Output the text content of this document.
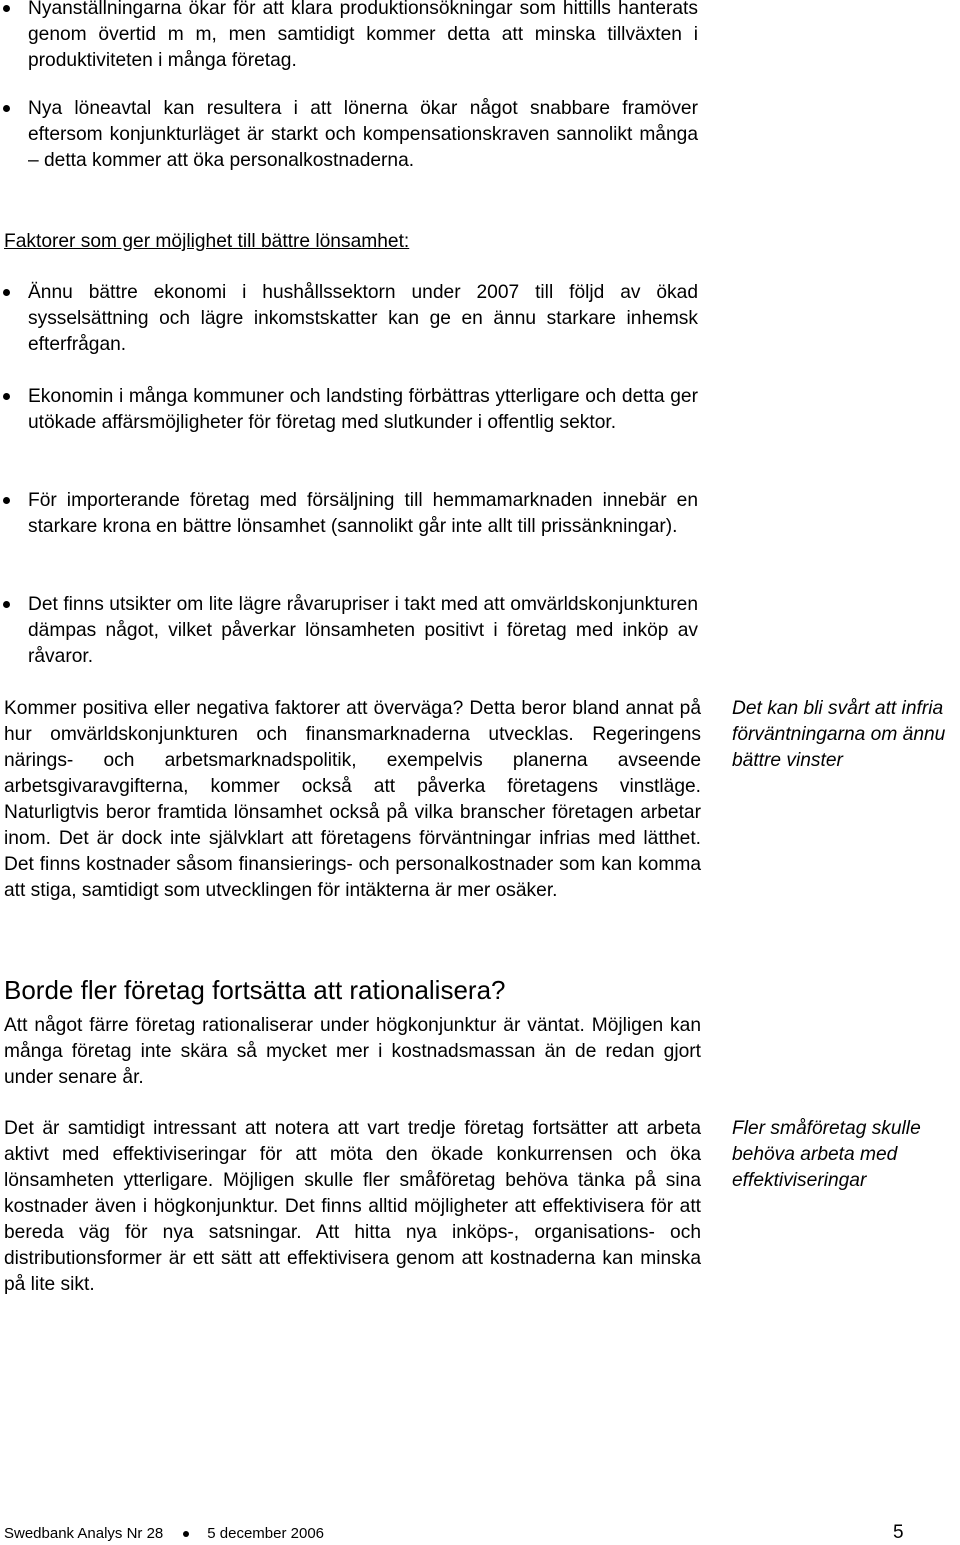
Nyanställningarna ökar för att klara produktionsökningar som hittills hanterats genom övertid m m, men samtidigt kommer detta att minska tillväxten i produktiviteten i många företag.
Nya löneavtal kan resultera i att lönerna ökar något snabbare framöver eftersom konjunkturläget är starkt och kompensationskraven sannolikt många – detta kommer att öka personalkostnaderna.
Faktorer som ger möjlighet till bättre lönsamhet:
Ännu bättre ekonomi i hushållssektorn under 2007 till följd av ökad sysselsättning och lägre inkomstskatter kan ge en ännu starkare inhemsk efterfrågan.
Ekonomin i många kommuner och landsting förbättras ytterligare och detta ger utökade affärsmöjligheter för företag med slutkunder i offentlig sektor.
För importerande företag med försäljning till hemmamarknaden innebär en starkare krona en bättre lönsamhet (sannolikt går inte allt till prissänkningar).
Det finns utsikter om lite lägre råvarupriser i takt med att omvärldskonjunkturen dämpas något, vilket påverkar lönsamheten positivt i företag med inköp av råvaror.

Kommer positiva eller negativa faktorer att överväga? Detta beror bland annat på hur omvärldskonjunkturen och finansmarknaderna utvecklas. Regeringens närings- och arbetsmarknadspolitik, exempelvis planerna avseende arbetsgivaravgifterna, kommer också att påverka företagens vinstläge. Naturligtvis beror framtida lönsamhet också på vilka branscher företagen arbetar inom. Det är dock inte självklart att företagens förväntningar infrias med lätthet. Det finns kostnader såsom finansierings- och personalkostnader som kan komma att stiga, samtidigt som utvecklingen för intäkterna är mer osäker.

Det kan bli svårt att infria förväntningarna om ännu bättre vinster
Borde fler företag fortsätta att rationalisera?

Att något färre företag rationaliserar under högkonjunktur är väntat. Möjligen kan många företag inte skära så mycket mer i kostnadsmassan än de redan gjort under senare år.

Det är samtidigt intressant att notera att vart tredje företag fortsätter att arbeta aktivt med effektiviseringar för att möta den ökade konkurrensen och öka lönsamheten ytterligare. Möjligen skulle fler småföretag behöva tänka på sina kostnader även i högkonjunktur. Det finns alltid möjligheter att effektivisera för att bereda väg för nya satsningar. Att hitta nya inköps-, organisations- och distributionsformer är ett sätt att effektivisera genom att kostnaderna kan minska på lite sikt.

Fler småföretag skulle behöva arbeta med effektiviseringar
Swedbank Analys Nr 28	5 december 2006	5
